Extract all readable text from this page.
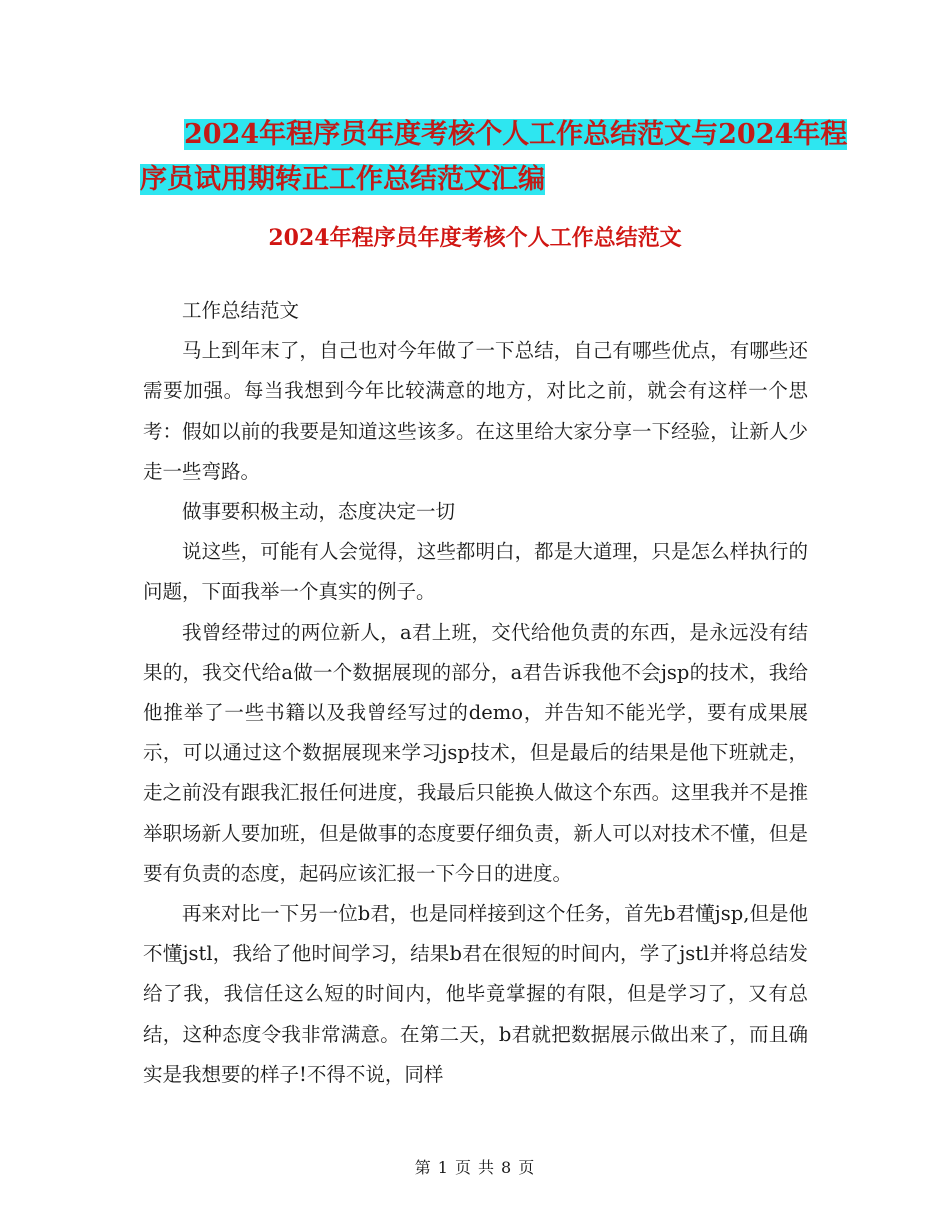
2024年程序员年度考核个人工作总结范文与2024年程
序员试用期转正工作总结范文汇编
2024年程序员年度考核个人工作总结范文

工作总结范文

马上到年末了，自己也对今年做了一下总结，自己有哪些优点，有哪些还需要加强。每当我想到今年比较满意的地方，对比之前，就会有这样一个思考：假如以前的我要是知道这些该多。在这里给大家分享一下经验，让新人少走一些弯路。

做事要积极主动，态度决定一切

说这些，可能有人会觉得，这些都明白，都是大道理，只是怎么样执行的问题，下面我举一个真实的例子。

我曾经带过的两位新人，a君上班，交代给他负责的东西，是永远没有结果的，我交代给a做一个数据展现的部分，a君告诉我他不会jsp的技术，我给他推举了一些书籍以及我曾经写过的demo，并告知不能光学，要有成果展示，可以通过这个数据展现来学习jsp技术，但是最后的结果是他下班就走，走之前没有跟我汇报任何进度，我最后只能换人做这个东西。这里我并不是推举职场新人要加班，但是做事的态度要仔细负责，新人可以对技术不懂，但是要有负责的态度，起码应该汇报一下今日的进度。

再来对比一下另一位b君，也是同样接到这个任务，首先b君懂jsp,但是他不懂jstl，我给了他时间学习，结果b君在很短的时间内，学了jstl并将总结发给了我，我信任这么短的时间内，他毕竟掌握的有限，但是学习了，又有总结，这种态度令我非常满意。在第二天，b君就把数据展示做出来了，而且确实是我想要的样子!不得不说，同样

第 1 页 共 8 页
